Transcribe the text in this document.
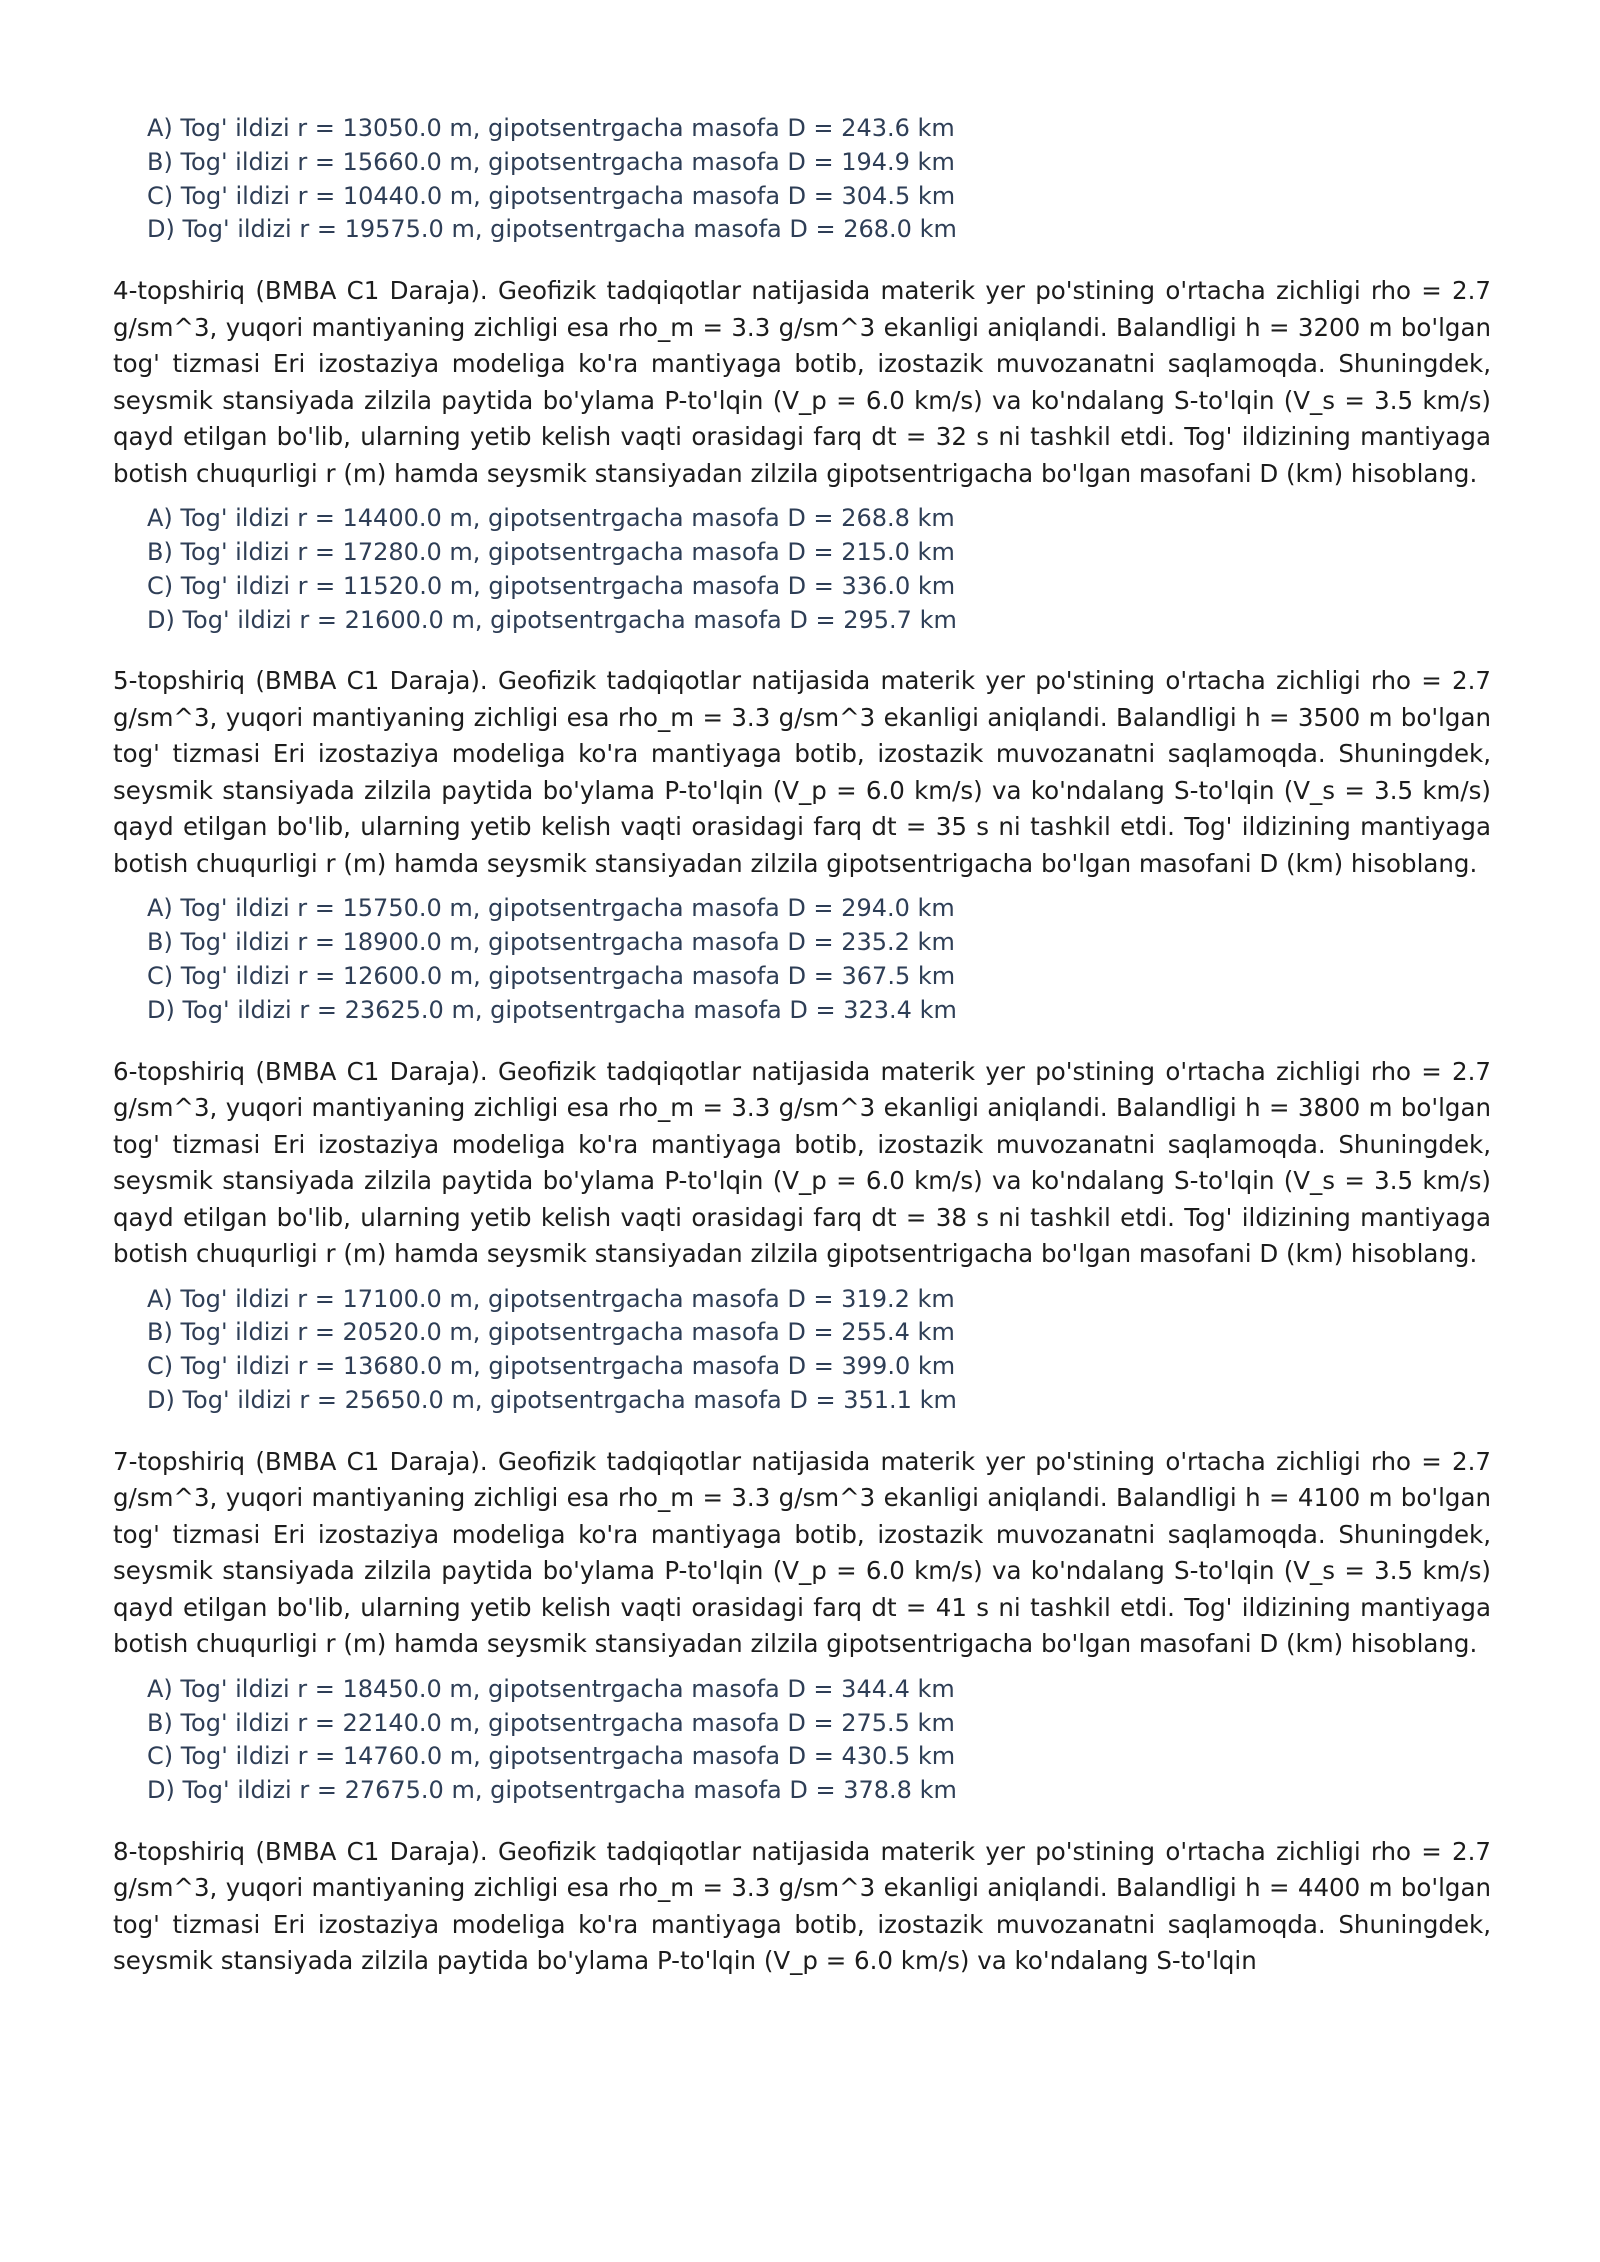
A) Tog' ildizi r = 13050.0 m, gipotsentrgacha masofa D = 243.6 km
B) Tog' ildizi r = 15660.0 m, gipotsentrgacha masofa D = 194.9 km
C) Tog' ildizi r = 10440.0 m, gipotsentrgacha masofa D = 304.5 km
D) Tog' ildizi r = 19575.0 m, gipotsentrgacha masofa D = 268.0 km

4-topshiriq (BMBA C1 Daraja). Geofizik tadqiqotlar natijasida materik yer po'stining o'rtacha zichligi rho = 2.7 g/sm^3, yuqori mantiyaning zichligi esa rho_m = 3.3 g/sm^3 ekanligi aniqlandi. Balandligi h = 3200 m bo'lgan tog' tizmasi Eri izostaziya modeliga ko'ra mantiyaga botib, izostazik muvozanatni saqlamoqda. Shuningdek, seysmik stansiyada zilzila paytida bo'ylama P-to'lqin (V_p = 6.0 km/s) va ko'ndalang S-to'lqin (V_s = 3.5 km/s) qayd etilgan bo'lib, ularning yetib kelish vaqti orasidagi farq dt = 32 s ni tashkil etdi. Tog' ildizining mantiyaga botish chuqurligi r (m) hamda seysmik stansiyadan zilzila gipotsentrigacha bo'lgan masofani D (km) hisoblang.

A) Tog' ildizi r = 14400.0 m, gipotsentrgacha masofa D = 268.8 km
B) Tog' ildizi r = 17280.0 m, gipotsentrgacha masofa D = 215.0 km
C) Tog' ildizi r = 11520.0 m, gipotsentrgacha masofa D = 336.0 km
D) Tog' ildizi r = 21600.0 m, gipotsentrgacha masofa D = 295.7 km

5-topshiriq (BMBA C1 Daraja). Geofizik tadqiqotlar natijasida materik yer po'stining o'rtacha zichligi rho = 2.7 g/sm^3, yuqori mantiyaning zichligi esa rho_m = 3.3 g/sm^3 ekanligi aniqlandi. Balandligi h = 3500 m bo'lgan tog' tizmasi Eri izostaziya modeliga ko'ra mantiyaga botib, izostazik muvozanatni saqlamoqda. Shuningdek, seysmik stansiyada zilzila paytida bo'ylama P-to'lqin (V_p = 6.0 km/s) va ko'ndalang S-to'lqin (V_s = 3.5 km/s) qayd etilgan bo'lib, ularning yetib kelish vaqti orasidagi farq dt = 35 s ni tashkil etdi. Tog' ildizining mantiyaga botish chuqurligi r (m) hamda seysmik stansiyadan zilzila gipotsentrigacha bo'lgan masofani D (km) hisoblang.

A) Tog' ildizi r = 15750.0 m, gipotsentrgacha masofa D = 294.0 km
B) Tog' ildizi r = 18900.0 m, gipotsentrgacha masofa D = 235.2 km
C) Tog' ildizi r = 12600.0 m, gipotsentrgacha masofa D = 367.5 km
D) Tog' ildizi r = 23625.0 m, gipotsentrgacha masofa D = 323.4 km

6-topshiriq (BMBA C1 Daraja). Geofizik tadqiqotlar natijasida materik yer po'stining o'rtacha zichligi rho = 2.7 g/sm^3, yuqori mantiyaning zichligi esa rho_m = 3.3 g/sm^3 ekanligi aniqlandi. Balandligi h = 3800 m bo'lgan tog' tizmasi Eri izostaziya modeliga ko'ra mantiyaga botib, izostazik muvozanatni saqlamoqda. Shuningdek, seysmik stansiyada zilzila paytida bo'ylama P-to'lqin (V_p = 6.0 km/s) va ko'ndalang S-to'lqin (V_s = 3.5 km/s) qayd etilgan bo'lib, ularning yetib kelish vaqti orasidagi farq dt = 38 s ni tashkil etdi. Tog' ildizining mantiyaga botish chuqurligi r (m) hamda seysmik stansiyadan zilzila gipotsentrigacha bo'lgan masofani D (km) hisoblang.

A) Tog' ildizi r = 17100.0 m, gipotsentrgacha masofa D = 319.2 km
B) Tog' ildizi r = 20520.0 m, gipotsentrgacha masofa D = 255.4 km
C) Tog' ildizi r = 13680.0 m, gipotsentrgacha masofa D = 399.0 km
D) Tog' ildizi r = 25650.0 m, gipotsentrgacha masofa D = 351.1 km

7-topshiriq (BMBA C1 Daraja). Geofizik tadqiqotlar natijasida materik yer po'stining o'rtacha zichligi rho = 2.7 g/sm^3, yuqori mantiyaning zichligi esa rho_m = 3.3 g/sm^3 ekanligi aniqlandi. Balandligi h = 4100 m bo'lgan tog' tizmasi Eri izostaziya modeliga ko'ra mantiyaga botib, izostazik muvozanatni saqlamoqda. Shuningdek, seysmik stansiyada zilzila paytida bo'ylama P-to'lqin (V_p = 6.0 km/s) va ko'ndalang S-to'lqin (V_s = 3.5 km/s) qayd etilgan bo'lib, ularning yetib kelish vaqti orasidagi farq dt = 41 s ni tashkil etdi. Tog' ildizining mantiyaga botish chuqurligi r (m) hamda seysmik stansiyadan zilzila gipotsentrigacha bo'lgan masofani D (km) hisoblang.

A) Tog' ildizi r = 18450.0 m, gipotsentrgacha masofa D = 344.4 km
B) Tog' ildizi r = 22140.0 m, gipotsentrgacha masofa D = 275.5 km
C) Tog' ildizi r = 14760.0 m, gipotsentrgacha masofa D = 430.5 km
D) Tog' ildizi r = 27675.0 m, gipotsentrgacha masofa D = 378.8 km

8-topshiriq (BMBA C1 Daraja). Geofizik tadqiqotlar natijasida materik yer po'stining o'rtacha zichligi rho = 2.7 g/sm^3, yuqori mantiyaning zichligi esa rho_m = 3.3 g/sm^3 ekanligi aniqlandi. Balandligi h = 4400 m bo'lgan tog' tizmasi Eri izostaziya modeliga ko'ra mantiyaga botib, izostazik muvozanatni saqlamoqda. Shuningdek, seysmik stansiyada zilzila paytida bo'ylama P-to'lqin (V_p = 6.0 km/s) va ko'ndalang S-to'lqin
